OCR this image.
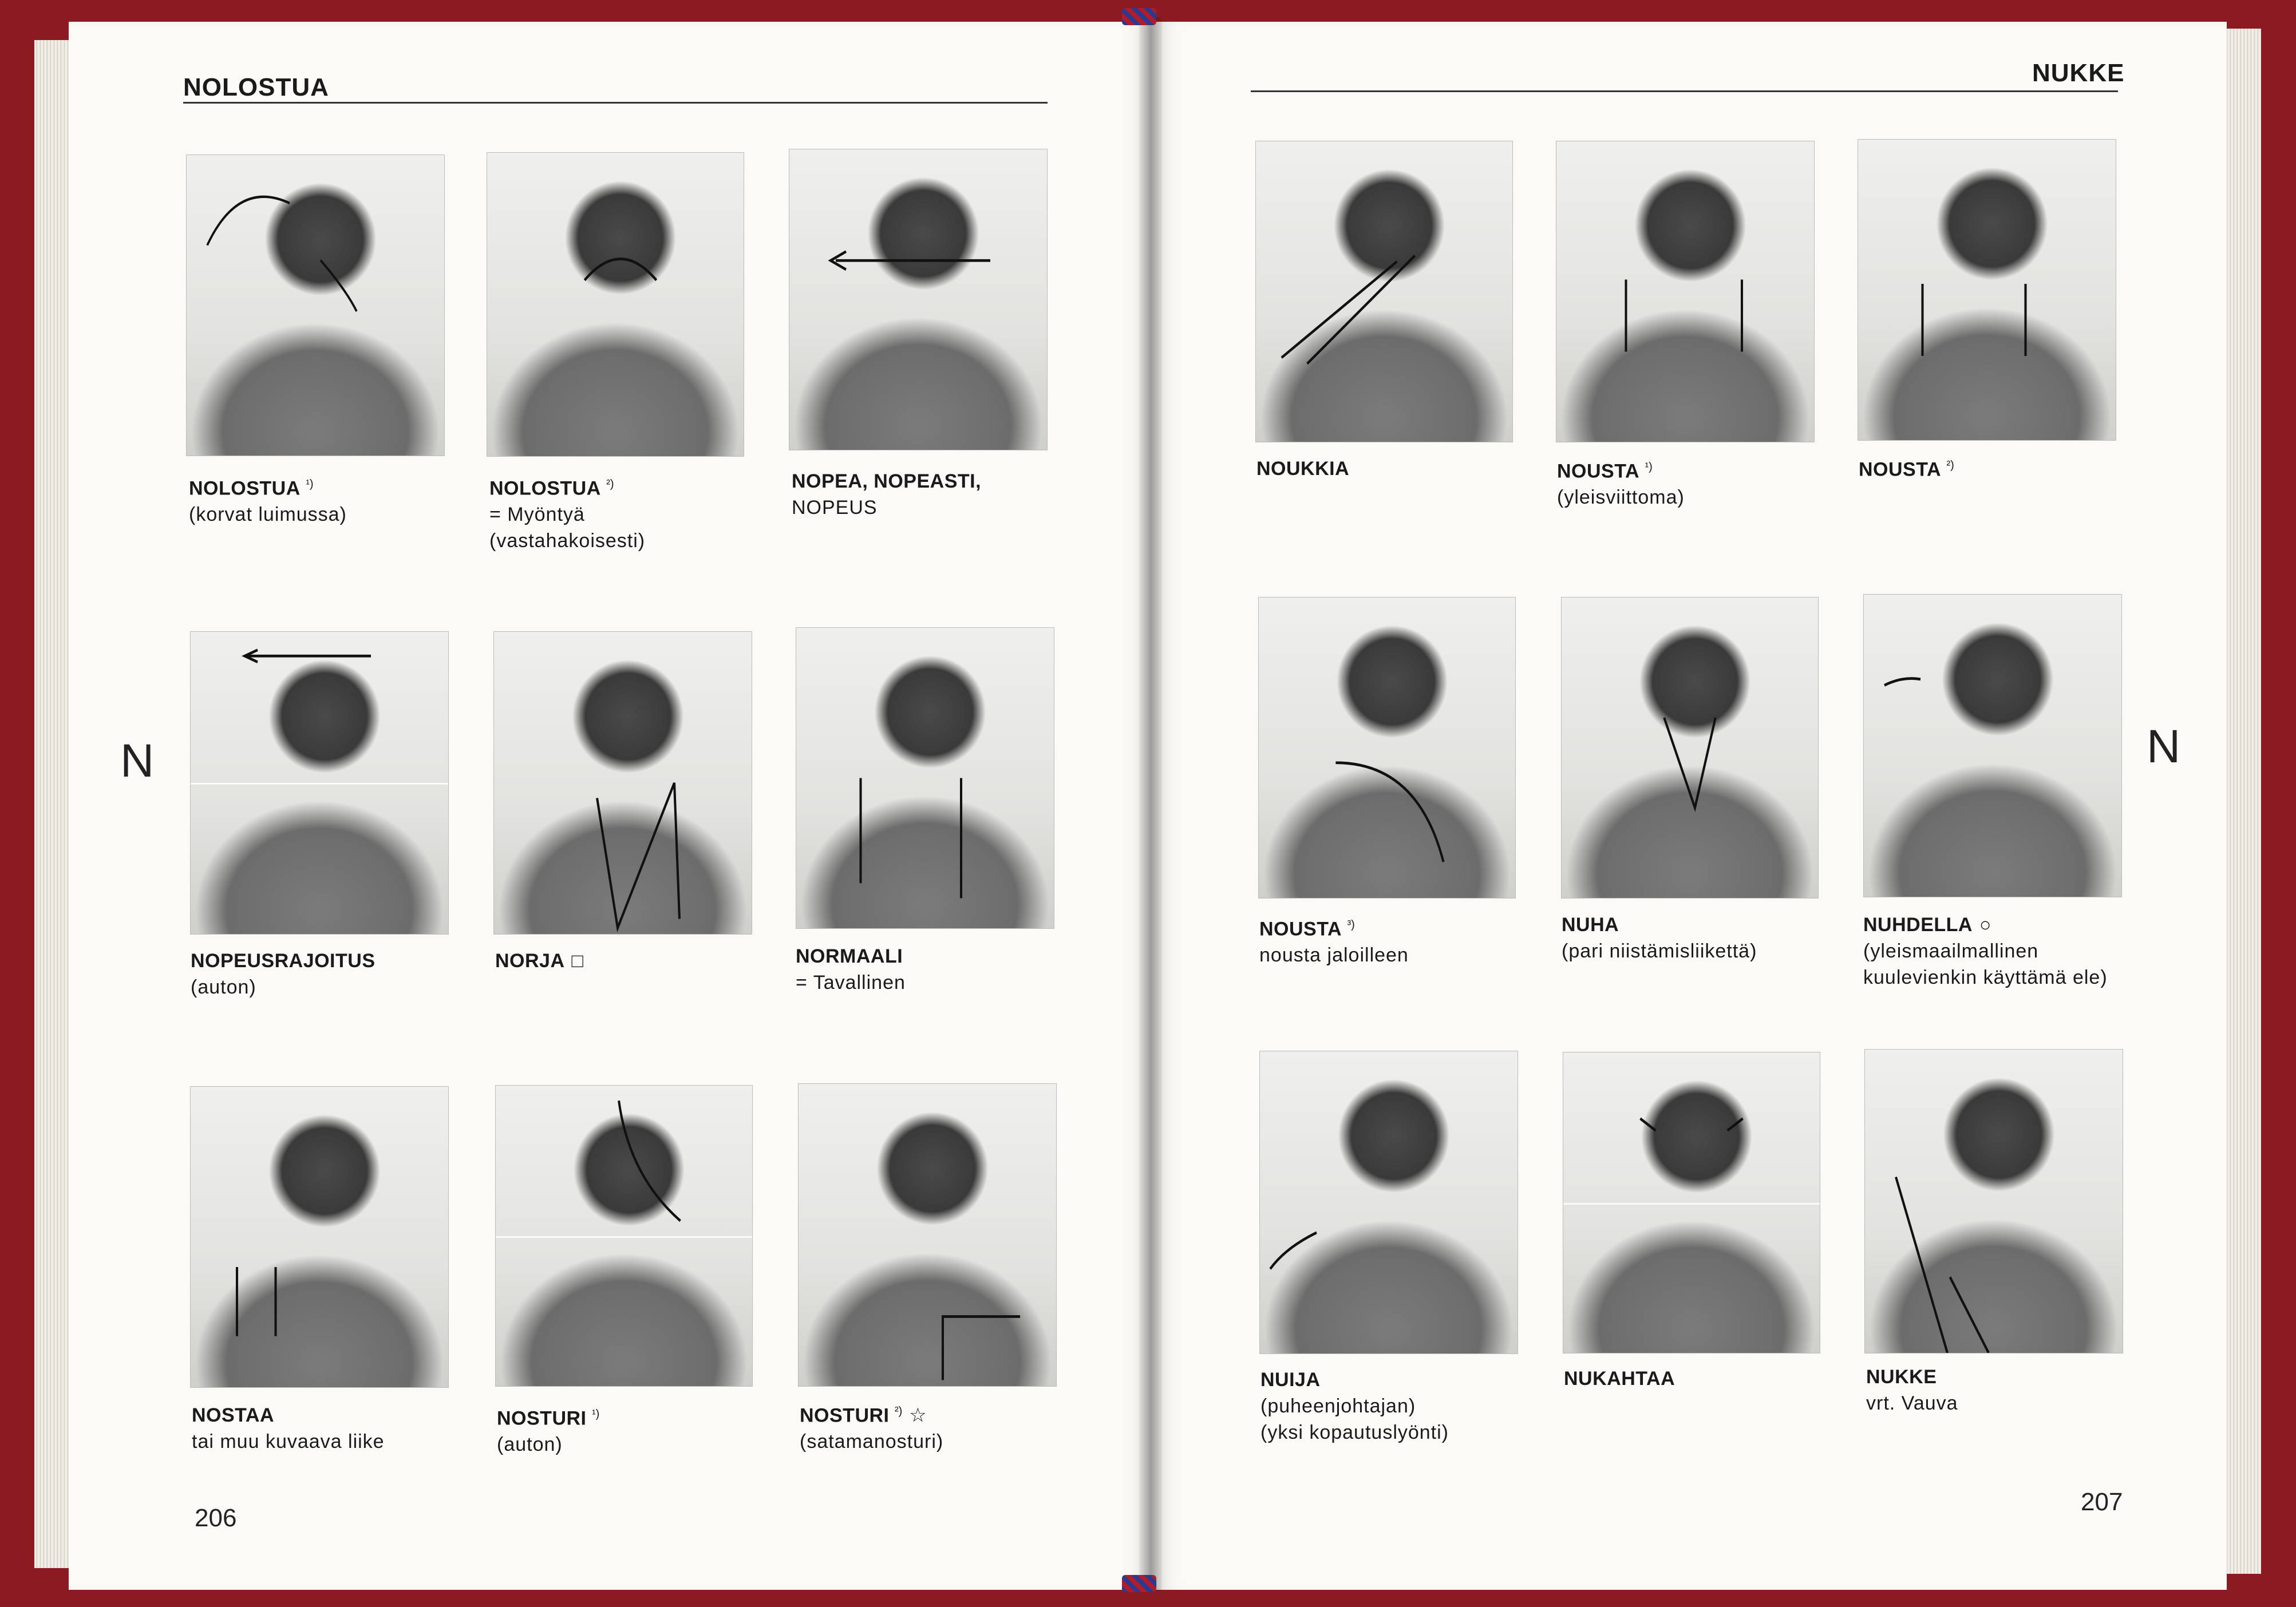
NOLOSTUA
N
206
NOLOSTUA $^{^1)}$
(korvat luimussa)
NOLOSTUA $^{^2)}$
= Myöntyä
(vastahakoisesti)
NOPEA, NOPEASTI,
NOPEUS
NOPEUSRAJOITUS
(auton)
NORJA □	NORMAALI
= Tavallinen
NOSTAA
tai muu kuvaava liike
NOSTURI $^{^1)}$
(auton)
NOSTURI $^{^2)}$ ☆
(satamanosturi)
NUKKE
N
207
NOUKKIA	NOUSTA $^{^1)}$
(yleisviittoma)
NOUSTA $^{^2)}$
NOUSTA $^{^3)}$
nousta jaloilleen
NUHA
(pari niistämisliikettä)
NUHDELLA ○
(yleismaailmallinen
kuulevienkin käyttämä ele)
NUIJA
(puheenjohtajan)
(yksi kopautuslyönti)
NUKAHTAA	NUKKE
vrt. Vauva
